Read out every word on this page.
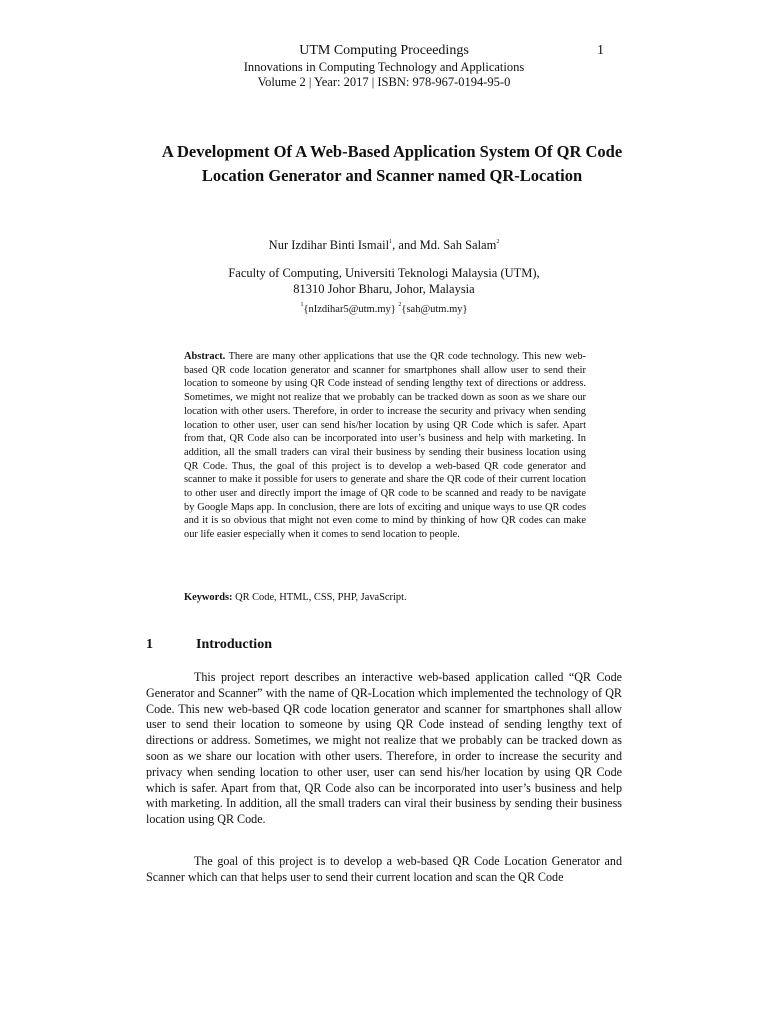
UTM Computing Proceedings
Innovations in Computing Technology and Applications
Volume 2 | Year: 2017 | ISBN: 978-967-0194-95-0
1
A Development Of A Web-Based Application System Of QR Code Location Generator and Scanner named QR-Location
Nur Izdihar Binti Ismail$^1$, and Md. Sah Salam$^2$
Faculty of Computing, Universiti Teknologi Malaysia (UTM),
81310 Johor Bharu, Johor, Malaysia
$^1${nIzdihar5@utm.my} $^2${sah@utm.my}
Abstract. There are many other applications that use the QR code technology. This new web-based QR code location generator and scanner for smartphones shall allow user to send their location to someone by using QR Code instead of sending lengthy text of directions or address. Sometimes, we might not realize that we probably can be tracked down as soon as we share our location with other users. Therefore, in order to increase the security and privacy when sending location to other user, user can send his/her location by using QR Code which is safer. Apart from that, QR Code also can be incorporated into user’s business and help with marketing. In addition, all the small traders can viral their business by sending their business location using QR Code. Thus, the goal of this project is to develop a web-based QR code generator and scanner to make it possible for users to generate and share the QR code of their current location to other user and directly import the image of QR code to be scanned and ready to be navigate by Google Maps app. In conclusion, there are lots of exciting and unique ways to use QR codes and it is so obvious that might not even come to mind by thinking of how QR codes can make our life easier especially when it comes to send location to people.
Keywords: QR Code, HTML, CSS, PHP, JavaScript.
1	Introduction
This project report describes an interactive web-based application called “QR Code Generator and Scanner” with the name of QR-Location which implemented the technology of QR Code. This new web-based QR code location generator and scanner for smartphones shall allow user to send their location to someone by using QR Code instead of sending lengthy text of directions or address. Sometimes, we might not realize that we probably can be tracked down as soon as we share our location with other users. Therefore, in order to increase the security and privacy when sending location to other user, user can send his/her location by using QR Code which is safer. Apart from that, QR Code also can be incorporated into user’s business and help with marketing. In addition, all the small traders can viral their business by sending their business location using QR Code.
The goal of this project is to develop a web-based QR Code Location Generator and Scanner which can that helps user to send their current location and scan the QR Code
